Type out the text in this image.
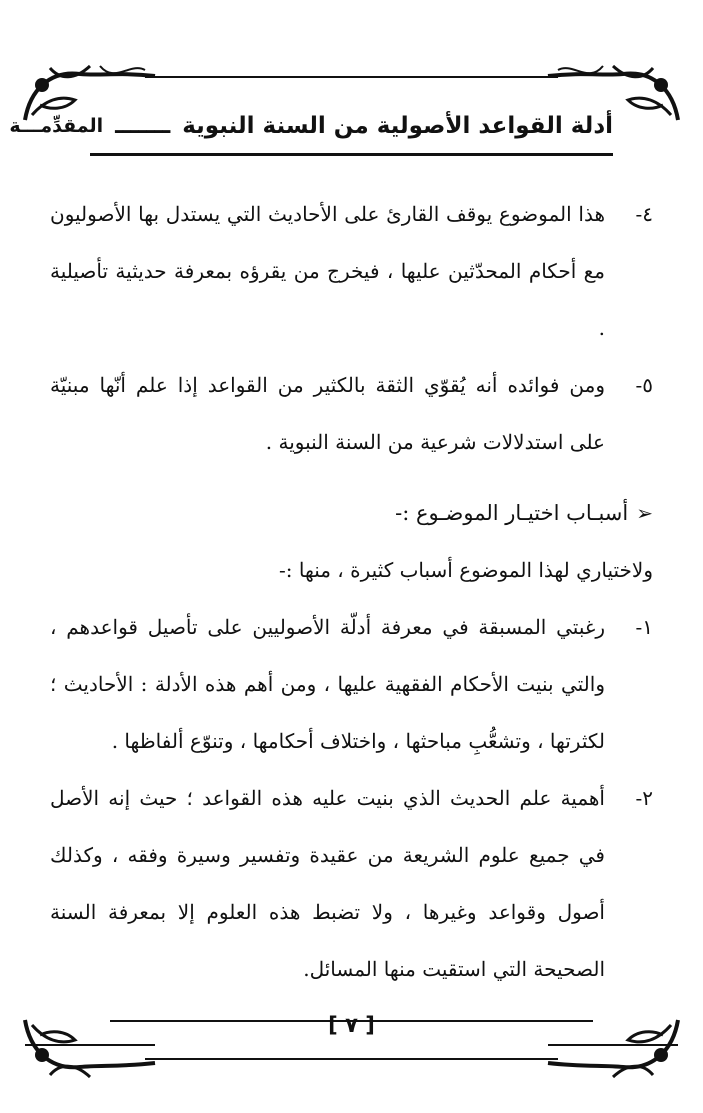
أدلة القواعد الأصولية من السنة النبوية
ـــــــ
المقدِّمـــة
٤-
هذا الموضوع يوقف القارئ على الأحاديث التي يستدل بها الأصوليون مع أحكام المحدّثين عليها ، فيخرج من يقرؤه بمعرفة حديثية تأصيلية .
٥-
ومن فوائده أنه يُقوّي الثقة بالكثير من القواعد إذا علم أنّها مبنيّة على استدلالات شرعية من السنة النبوية .
➢
أسبـاب اختيـار الموضـوع :-
ولاختياري لهذا الموضوع أسباب كثيرة ، منها :-
١-
رغبتي المسبقة في معرفة أدلّة الأصوليين على تأصيل قواعدهم ، والتي بنيت الأحكام الفقهية عليها ، ومن أهم هذه الأدلة : الأحاديث ؛ لكثرتها ، وتشعُّبِ مباحثها ، واختلاف أحكامها ، وتنوّع ألفاظها .
٢-
أهمية علم الحديث الذي بنيت عليه هذه القواعد ؛ حيث إنه الأصل في جميع علوم الشريعة من عقيدة وتفسير وسيرة وفقه ، وكذلك أصول وقواعد وغيرها ، ولا تضبط هذه العلوم إلا بمعرفة السنة الصحيحة التي استقيت منها المسائل.
[ ٧ ]
